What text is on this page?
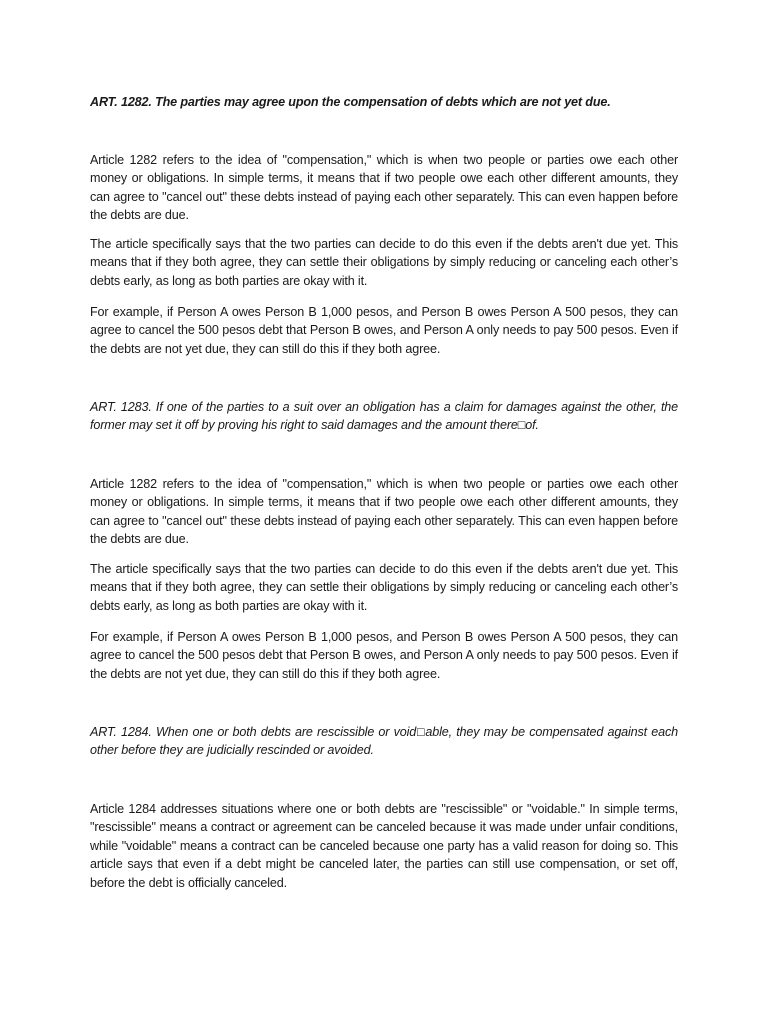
ART. 1282. The parties may agree upon the compensation of debts which are not yet due.

Article 1282 refers to the idea of "compensation," which is when two people or parties owe each other money or obligations. In simple terms, it means that if two people owe each other different amounts, they can agree to "cancel out" these debts instead of paying each other separately. This can even happen before the debts are due.

The article specifically says that the two parties can decide to do this even if the debts aren't due yet. This means that if they both agree, they can settle their obligations by simply reducing or canceling each other’s debts early, as long as both parties are okay with it.

For example, if Person A owes Person B 1,000 pesos, and Person B owes Person A 500 pesos, they can agree to cancel the 500 pesos debt that Person B owes, and Person A only needs to pay 500 pesos. Even if the debts are not yet due, they can still do this if they both agree.

ART. 1283. If one of the parties to a suit over an obligation has a claim for damages against the other, the former may set it off by proving his right to said damages and the amount there□of.

Article 1282 refers to the idea of "compensation," which is when two people or parties owe each other money or obligations. In simple terms, it means that if two people owe each other different amounts, they can agree to "cancel out" these debts instead of paying each other separately. This can even happen before the debts are due.

The article specifically says that the two parties can decide to do this even if the debts aren't due yet. This means that if they both agree, they can settle their obligations by simply reducing or canceling each other’s debts early, as long as both parties are okay with it.

For example, if Person A owes Person B 1,000 pesos, and Person B owes Person A 500 pesos, they can agree to cancel the 500 pesos debt that Person B owes, and Person A only needs to pay 500 pesos. Even if the debts are not yet due, they can still do this if they both agree.

ART. 1284. When one or both debts are rescissible or void□able, they may be compensated against each other before they are judicially rescinded or avoided.

Article 1284 addresses situations where one or both debts are "rescissible" or "voidable." In simple terms, "rescissible" means a contract or agreement can be canceled because it was made under unfair conditions, while "voidable" means a contract can be canceled because one party has a valid reason for doing so. This article says that even if a debt might be canceled later, the parties can still use compensation, or set off, before the debt is officially canceled.
